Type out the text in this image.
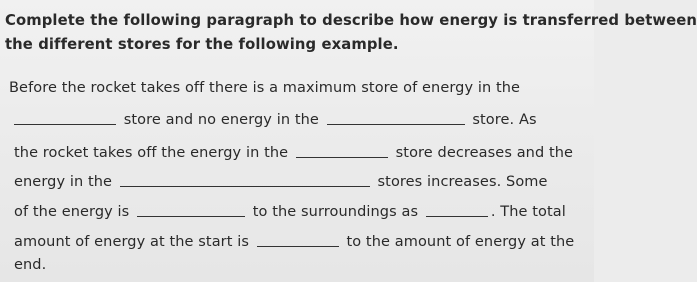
Complete the following paragraph to describe how energy is transferred between
the different stores for the following example.
Before the rocket takes off there is a maximum store of energy in the
store and no energy in the	store. As
the rocket takes off the energy in the	store decreases and the
energy in the	stores increases. Some
of the energy is	to the surroundings as	. The total
amount of energy at the start is	to the amount of energy at the
end.
